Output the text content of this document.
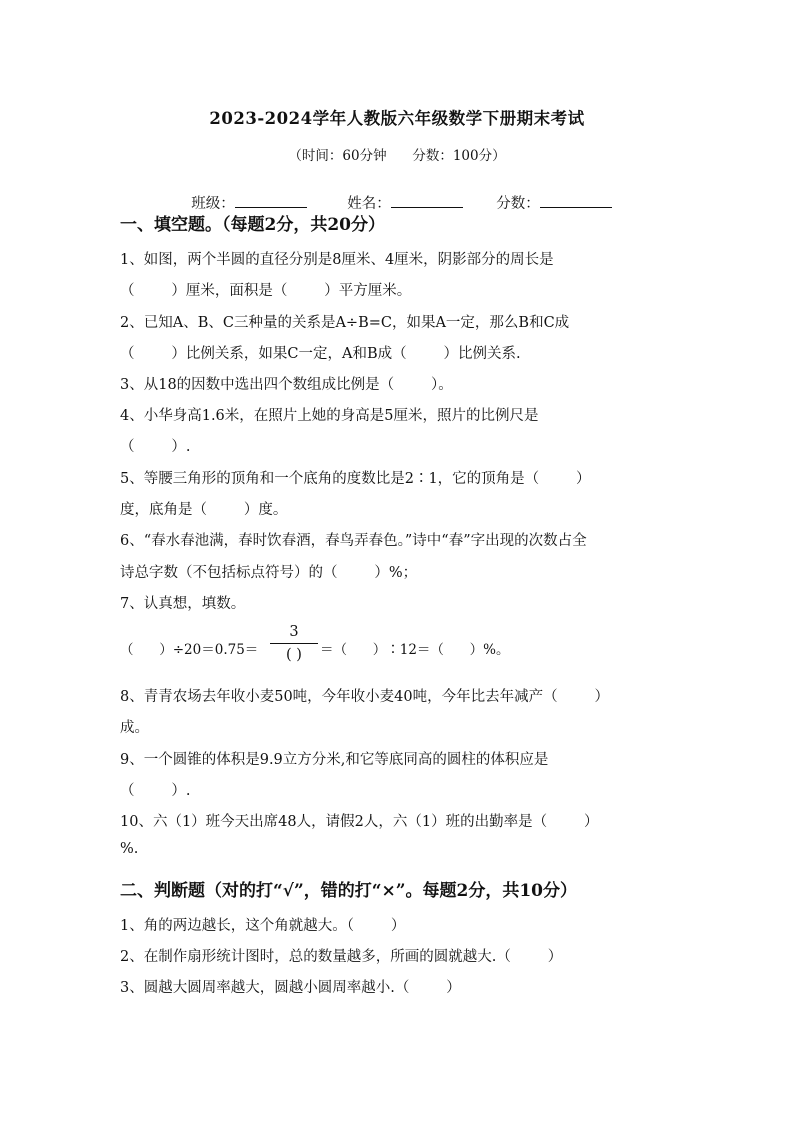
2023-2024学年人教版六年级数学下册期末考试
（时间：60分钟      分数：100分）

班级：	姓名：	分数：

一、填空题。（每题2分，共20分）
1、如图，两个半圆的直径分别是8厘米、4厘米，阴影部分的周长是
（        ）厘米，面积是（        ）平方厘米。
2、已知A、B、C三种量的关系是A÷B=C，如果A一定，那么B和C成
（        ）比例关系，如果C一定，A和B成（        ）比例关系.
3、从18的因数中选出四个数组成比例是（        ）。
4、小华身高1.6米，在照片上她的身高是5厘米，照片的比例尺是
（        ）.
5、等腰三角形的顶角和一个底角的度数比是2∶1，它的顶角是（        ）
度，底角是（        ）度。
6、“春水春池满，春时饮春酒，春鸟弄春色。”诗中“春”字出现的次数占全
诗总字数（不包括标点符号）的（        ）%；
7、认真想，填数。
（      ）÷20＝0.75＝
3
( )	＝（      ）∶12＝（      ）%。
8、青青农场去年收小麦50吨，今年收小麦40吨，今年比去年减产（        ）
成。
9、一个圆锥的体积是9.9立方分米,和它等底同高的圆柱的体积应是
（        ）.
10、六（1）班今天出席48人，请假2人，六（1）班的出勤率是（        ）
%.
二、判断题（对的打“√”，错的打“×”。每题2分，共10分）
1、角的两边越长，这个角就越大。（        ）
2、在制作扇形统计图时，总的数量越多，所画的圆就越大.（        ）
3、圆越大圆周率越大，圆越小圆周率越小.（        ）
